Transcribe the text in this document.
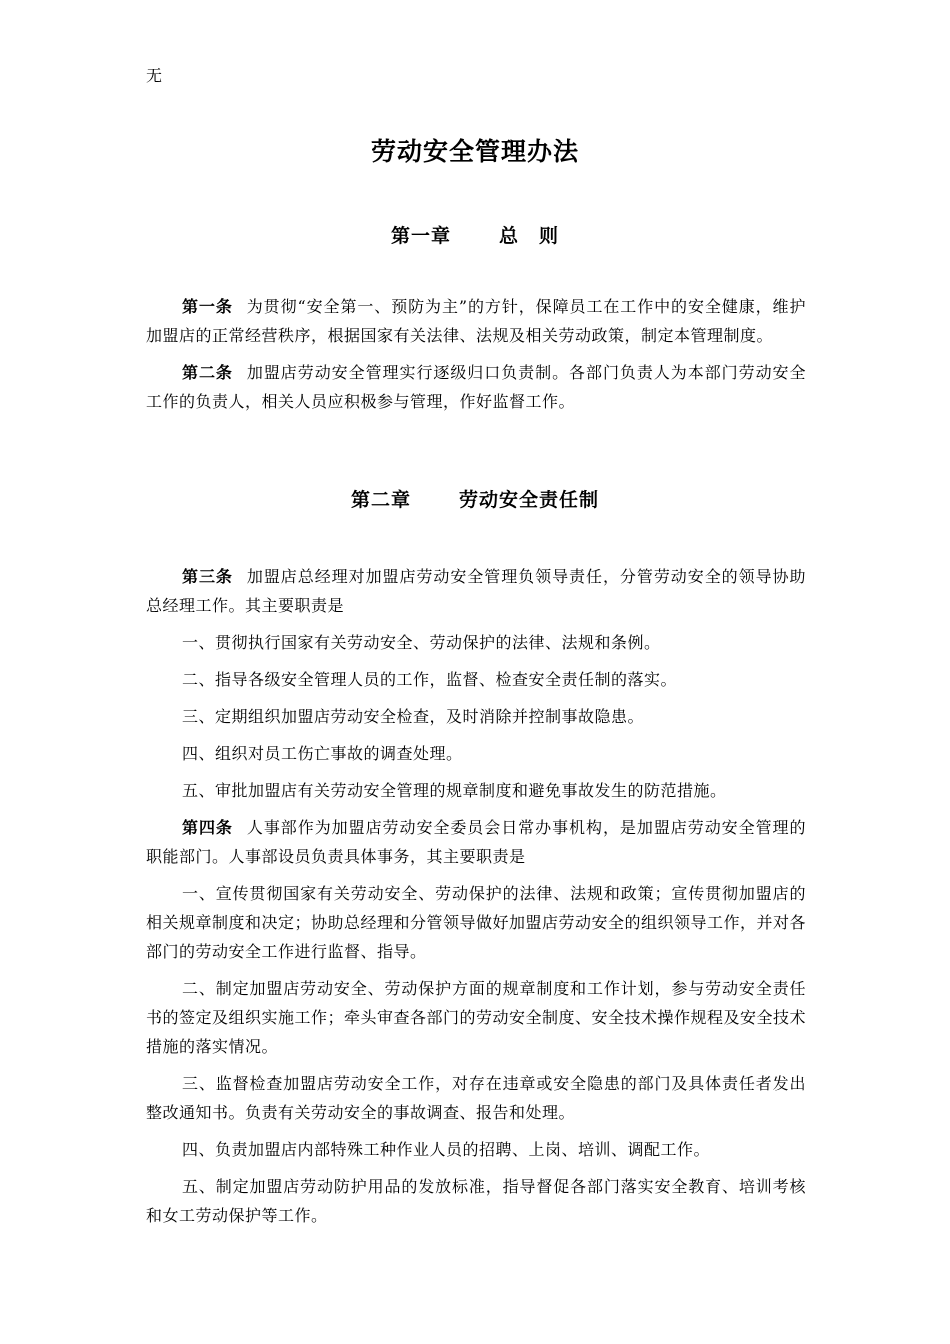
无
劳动安全管理办法
第一章	总　则

第一条 为贯彻“安全第一、预防为主”的方针，保障员工在工作中的安全健康，维护加盟店的正常经营秩序，根据国家有关法律、法规及相关劳动政策，制定本管理制度。

第二条 加盟店劳动安全管理实行逐级归口负责制。各部门负责人为本部门劳动安全工作的负责人，相关人员应积极参与管理，作好监督工作。

第二章	劳动安全责任制

第三条 加盟店总经理对加盟店劳动安全管理负领导责任，分管劳动安全的领导协助总经理工作。其主要职责是

一、贯彻执行国家有关劳动安全、劳动保护的法律、法规和条例。

二、指导各级安全管理人员的工作，监督、检查安全责任制的落实。

三、定期组织加盟店劳动安全检查，及时消除并控制事故隐患。

四、组织对员工伤亡事故的调查处理。

五、审批加盟店有关劳动安全管理的规章制度和避免事故发生的防范措施。

第四条 人事部作为加盟店劳动安全委员会日常办事机构，是加盟店劳动安全管理的职能部门。人事部设员负责具体事务，其主要职责是

一、宣传贯彻国家有关劳动安全、劳动保护的法律、法规和政策；宣传贯彻加盟店的相关规章制度和决定；协助总经理和分管领导做好加盟店劳动安全的组织领导工作，并对各部门的劳动安全工作进行监督、指导。

二、制定加盟店劳动安全、劳动保护方面的规章制度和工作计划，参与劳动安全责任书的签定及组织实施工作；牵头审查各部门的劳动安全制度、安全技术操作规程及安全技术措施的落实情况。

三、监督检查加盟店劳动安全工作，对存在违章或安全隐患的部门及具体责任者发出整改通知书。负责有关劳动安全的事故调查、报告和处理。

四、负责加盟店内部特殊工种作业人员的招聘、上岗、培训、调配工作。

五、制定加盟店劳动防护用品的发放标准，指导督促各部门落实安全教育、培训考核和女工劳动保护等工作。
